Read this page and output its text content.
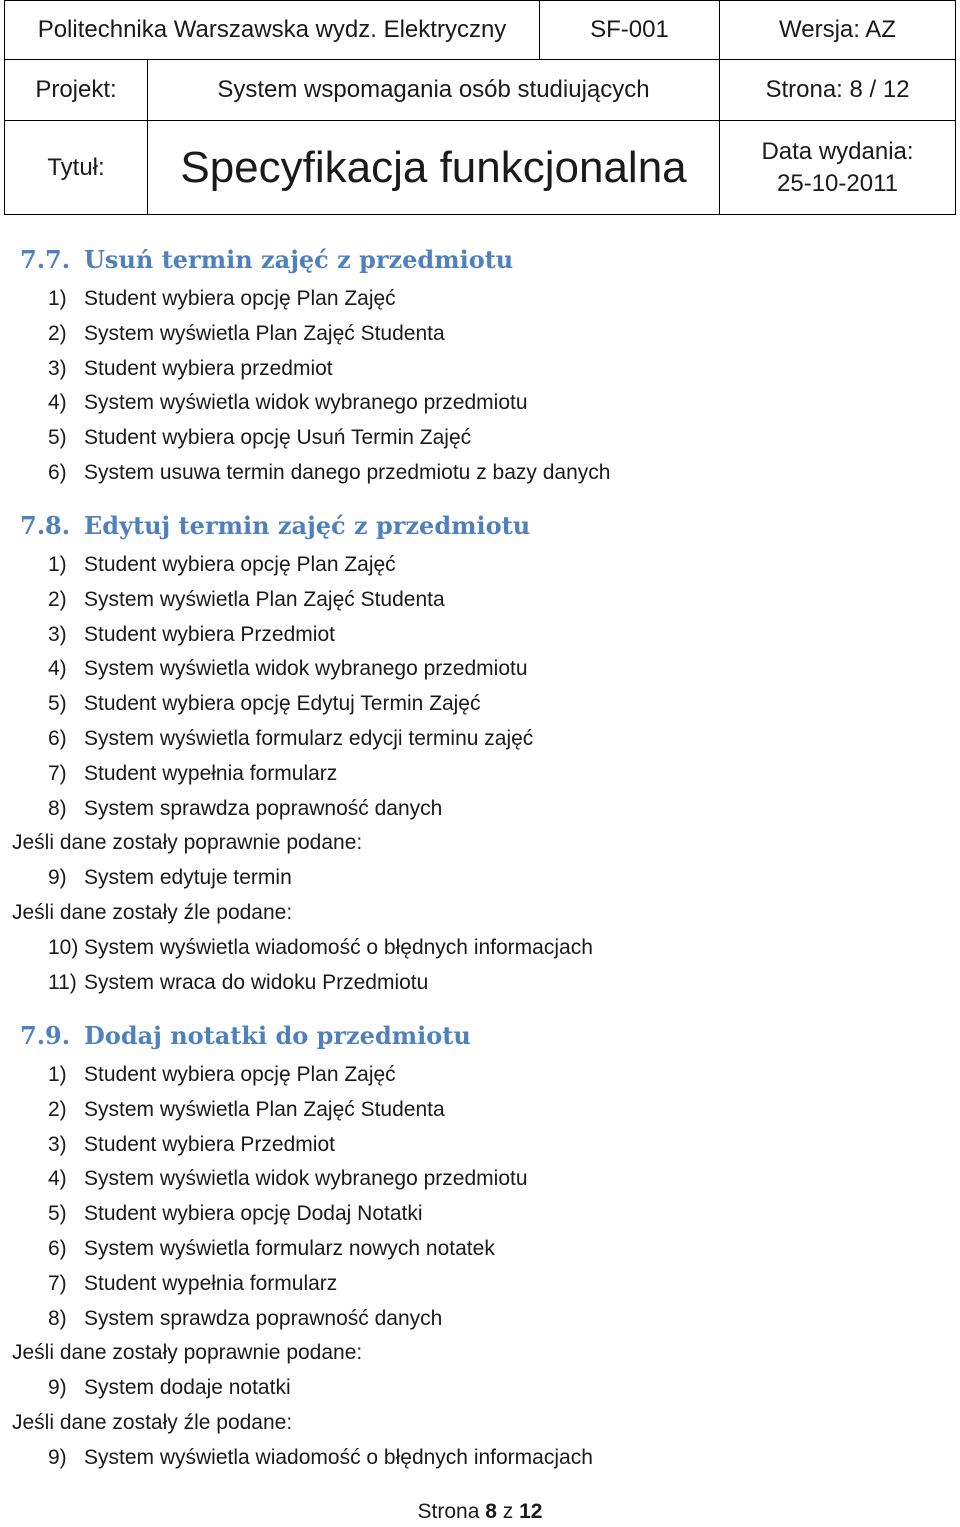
Politechnika Warszawska wydz. Elektryczny	SF-001	Wersja: AZ
Projekt:	System wspomagania osób studiujących	Strona: 8 / 12
Tytuł:	Specyfikacja funkcjonalna	Data wydania:
25-10-2011
7.7. Usuń termin zajęć z przedmiotu
1) Student wybiera opcję Plan Zajęć
2) System wyświetla Plan Zajęć Studenta
3) Student wybiera przedmiot
4) System wyświetla widok wybranego przedmiotu
5) Student wybiera opcję Usuń Termin Zajęć
6) System usuwa termin danego przedmiotu z bazy danych
7.8. Edytuj termin zajęć z przedmiotu
1) Student wybiera opcję Plan Zajęć
2) System wyświetla Plan Zajęć Studenta
3) Student wybiera Przedmiot
4) System wyświetla widok wybranego przedmiotu
5) Student wybiera opcję Edytuj Termin Zajęć
6) System wyświetla formularz edycji terminu zajęć
7) Student wypełnia formularz
8) System sprawdza poprawność danych
Jeśli dane zostały poprawnie podane:
9) System edytuje termin
Jeśli dane zostały źle podane:
10) System wyświetla wiadomość o błędnych informacjach
11) System wraca do widoku Przedmiotu
7.9. Dodaj notatki do przedmiotu
1) Student wybiera opcję Plan Zajęć
2) System wyświetla Plan Zajęć Studenta
3) Student wybiera Przedmiot
4) System wyświetla widok wybranego przedmiotu
5) Student wybiera opcję Dodaj Notatki
6) System wyświetla formularz nowych notatek
7) Student wypełnia formularz
8) System sprawdza poprawność danych
Jeśli dane zostały poprawnie podane:
9) System dodaje notatki
Jeśli dane zostały źle podane:
9) System wyświetla wiadomość o błędnych informacjach
Strona 8 z 12
